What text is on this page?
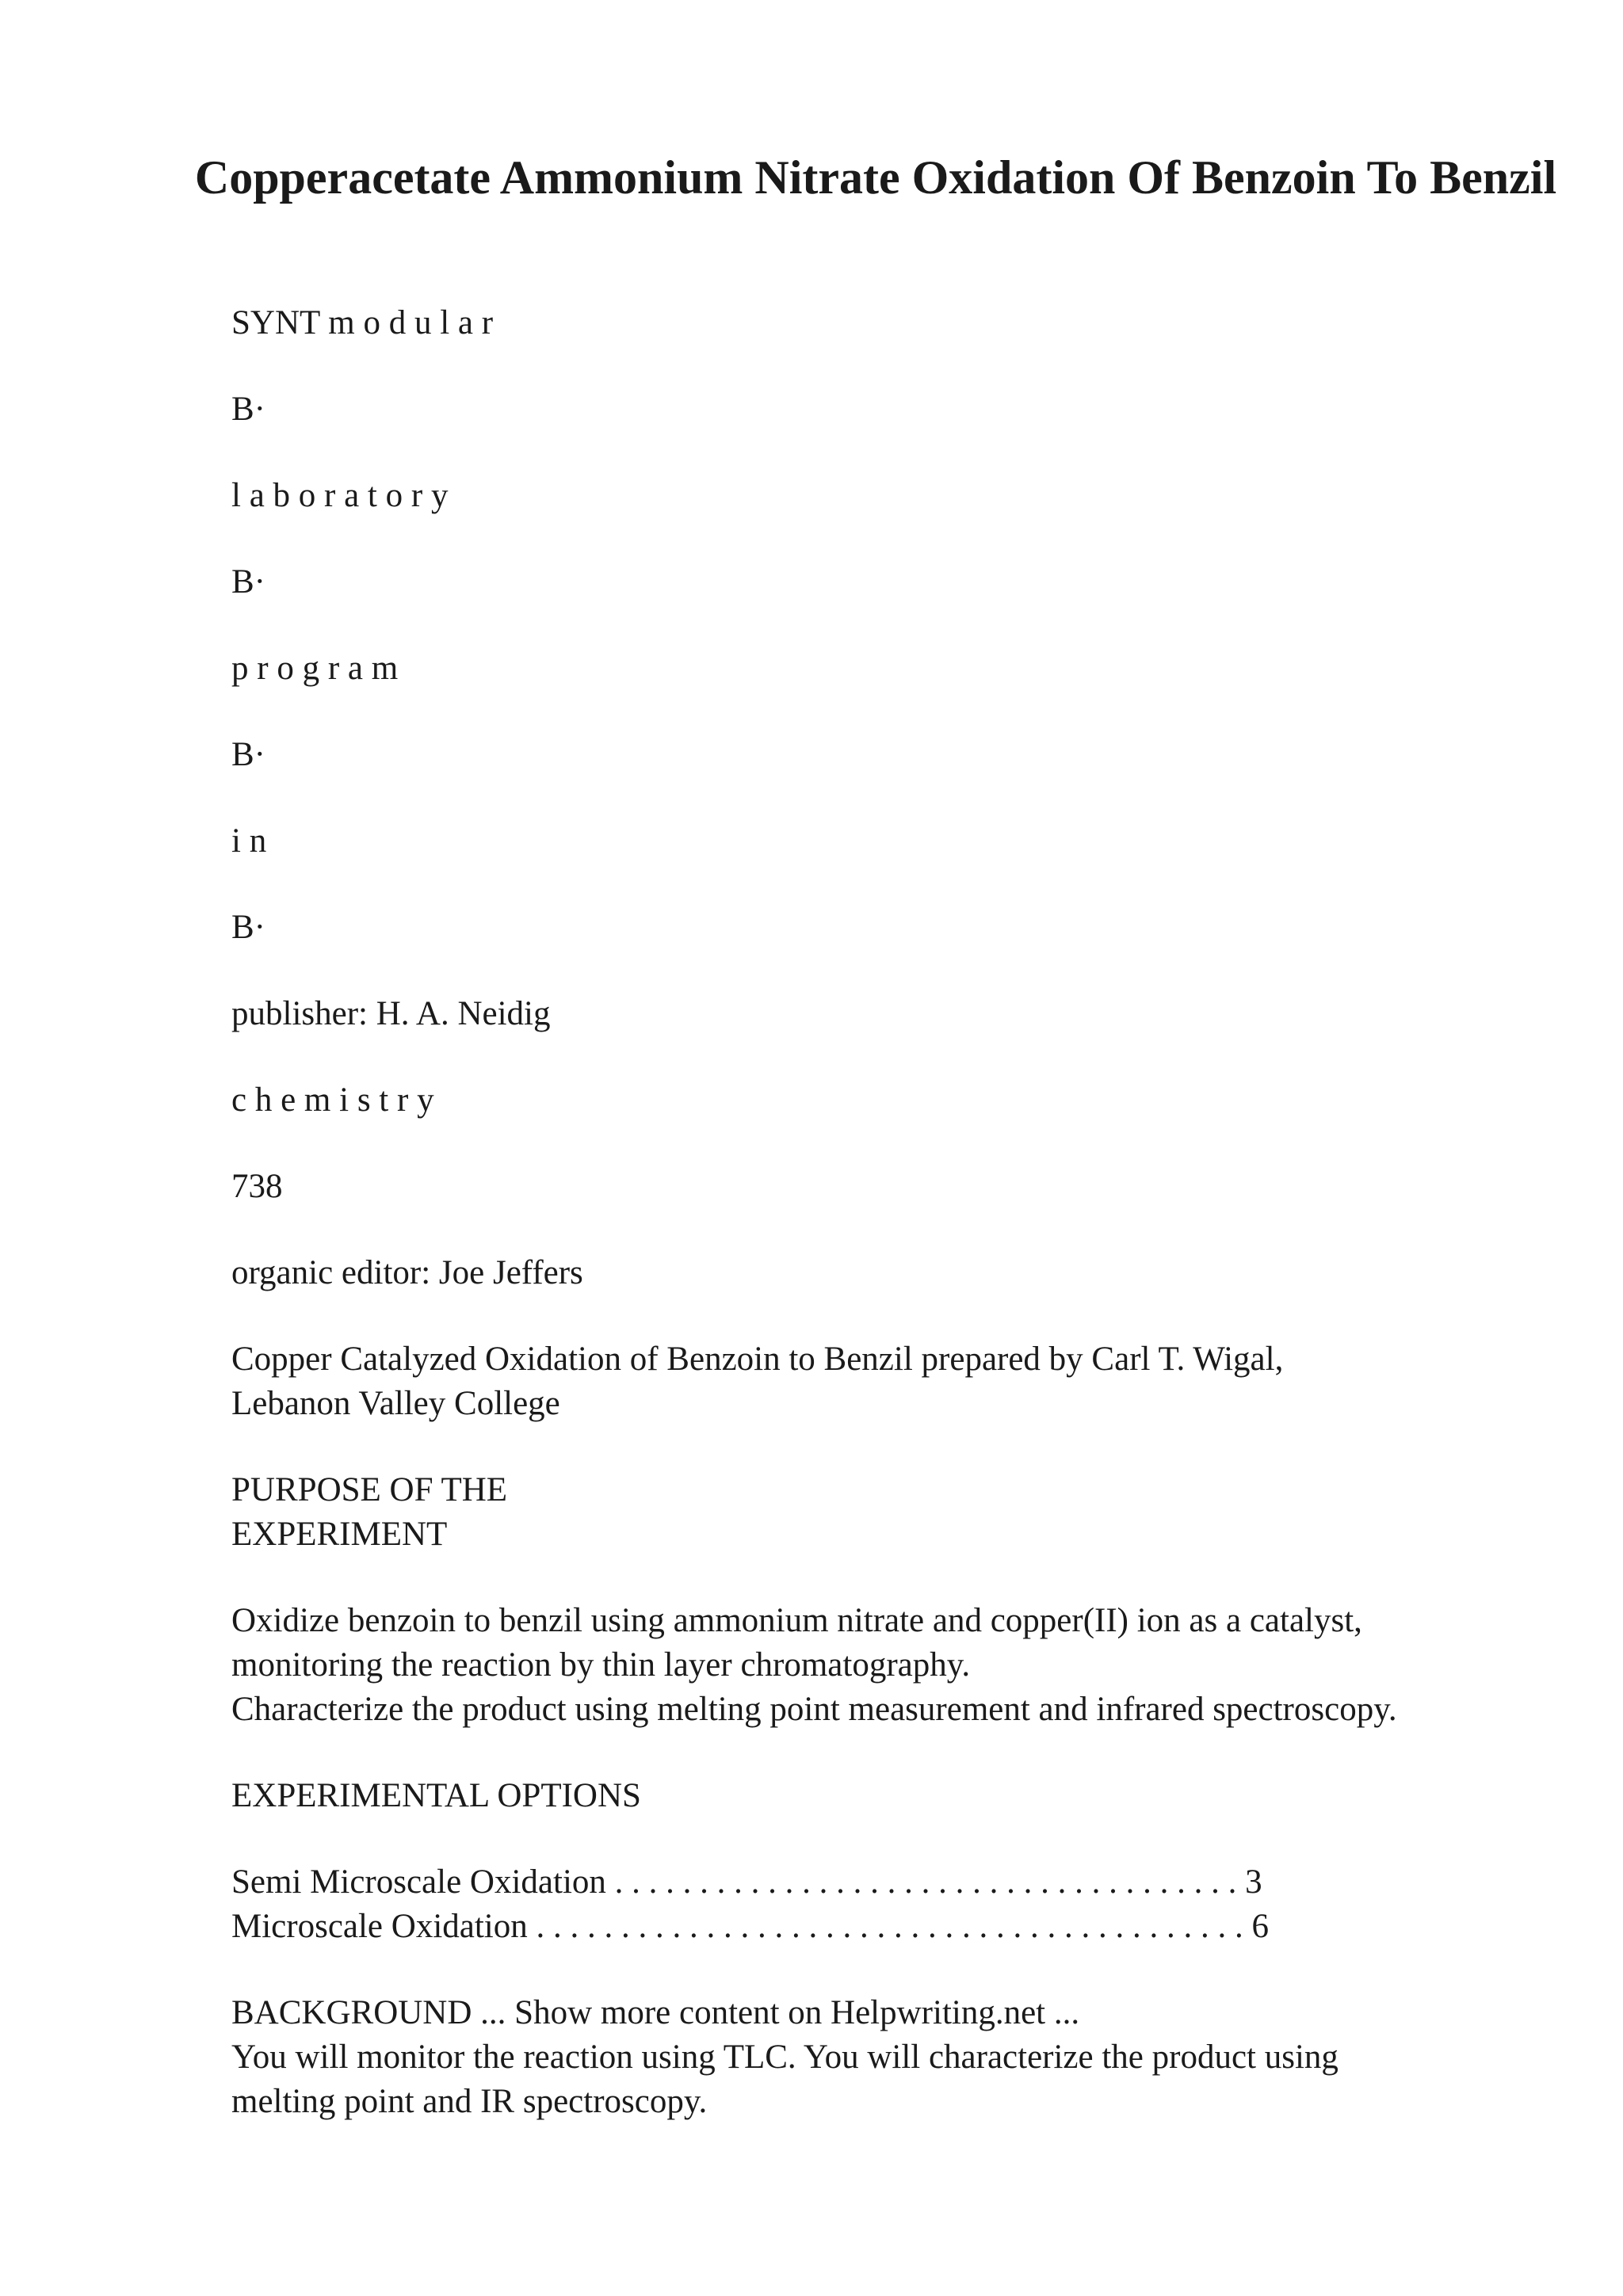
Copperacetate Ammonium Nitrate Oxidation Of Benzoin To Benzil

SYNT m o d u l a r

B·

l a b o r a t o r y

B·

p r o g r a m

B·

i n

B·

publisher: H. A. Neidig

c h e m i s t r y

738

organic editor: Joe Jeffers

Copper Catalyzed Oxidation of Benzoin to Benzil prepared by Carl T. Wigal,
Lebanon Valley College

PURPOSE OF THE
EXPERIMENT

Oxidize benzoin to benzil using ammonium nitrate and copper(II) ion as a catalyst,
monitoring the reaction by thin layer chromatography.
Characterize the product using melting point measurement and infrared spectroscopy.

EXPERIMENTAL OPTIONS

Semi Microscale Oxidation . . . . . . . . . . . . . . . . . . . . . . . . . . . . . . . . . . . . . 3

Microscale Oxidation . . . . . . . . . . . . . . . . . . . . . . . . . . . . . . . . . . . . . . . . . . 6

BACKGROUND ... Show more content on Helpwriting.net ...
You will monitor the reaction using TLC. You will characterize the product using
melting point and IR spectroscopy.
